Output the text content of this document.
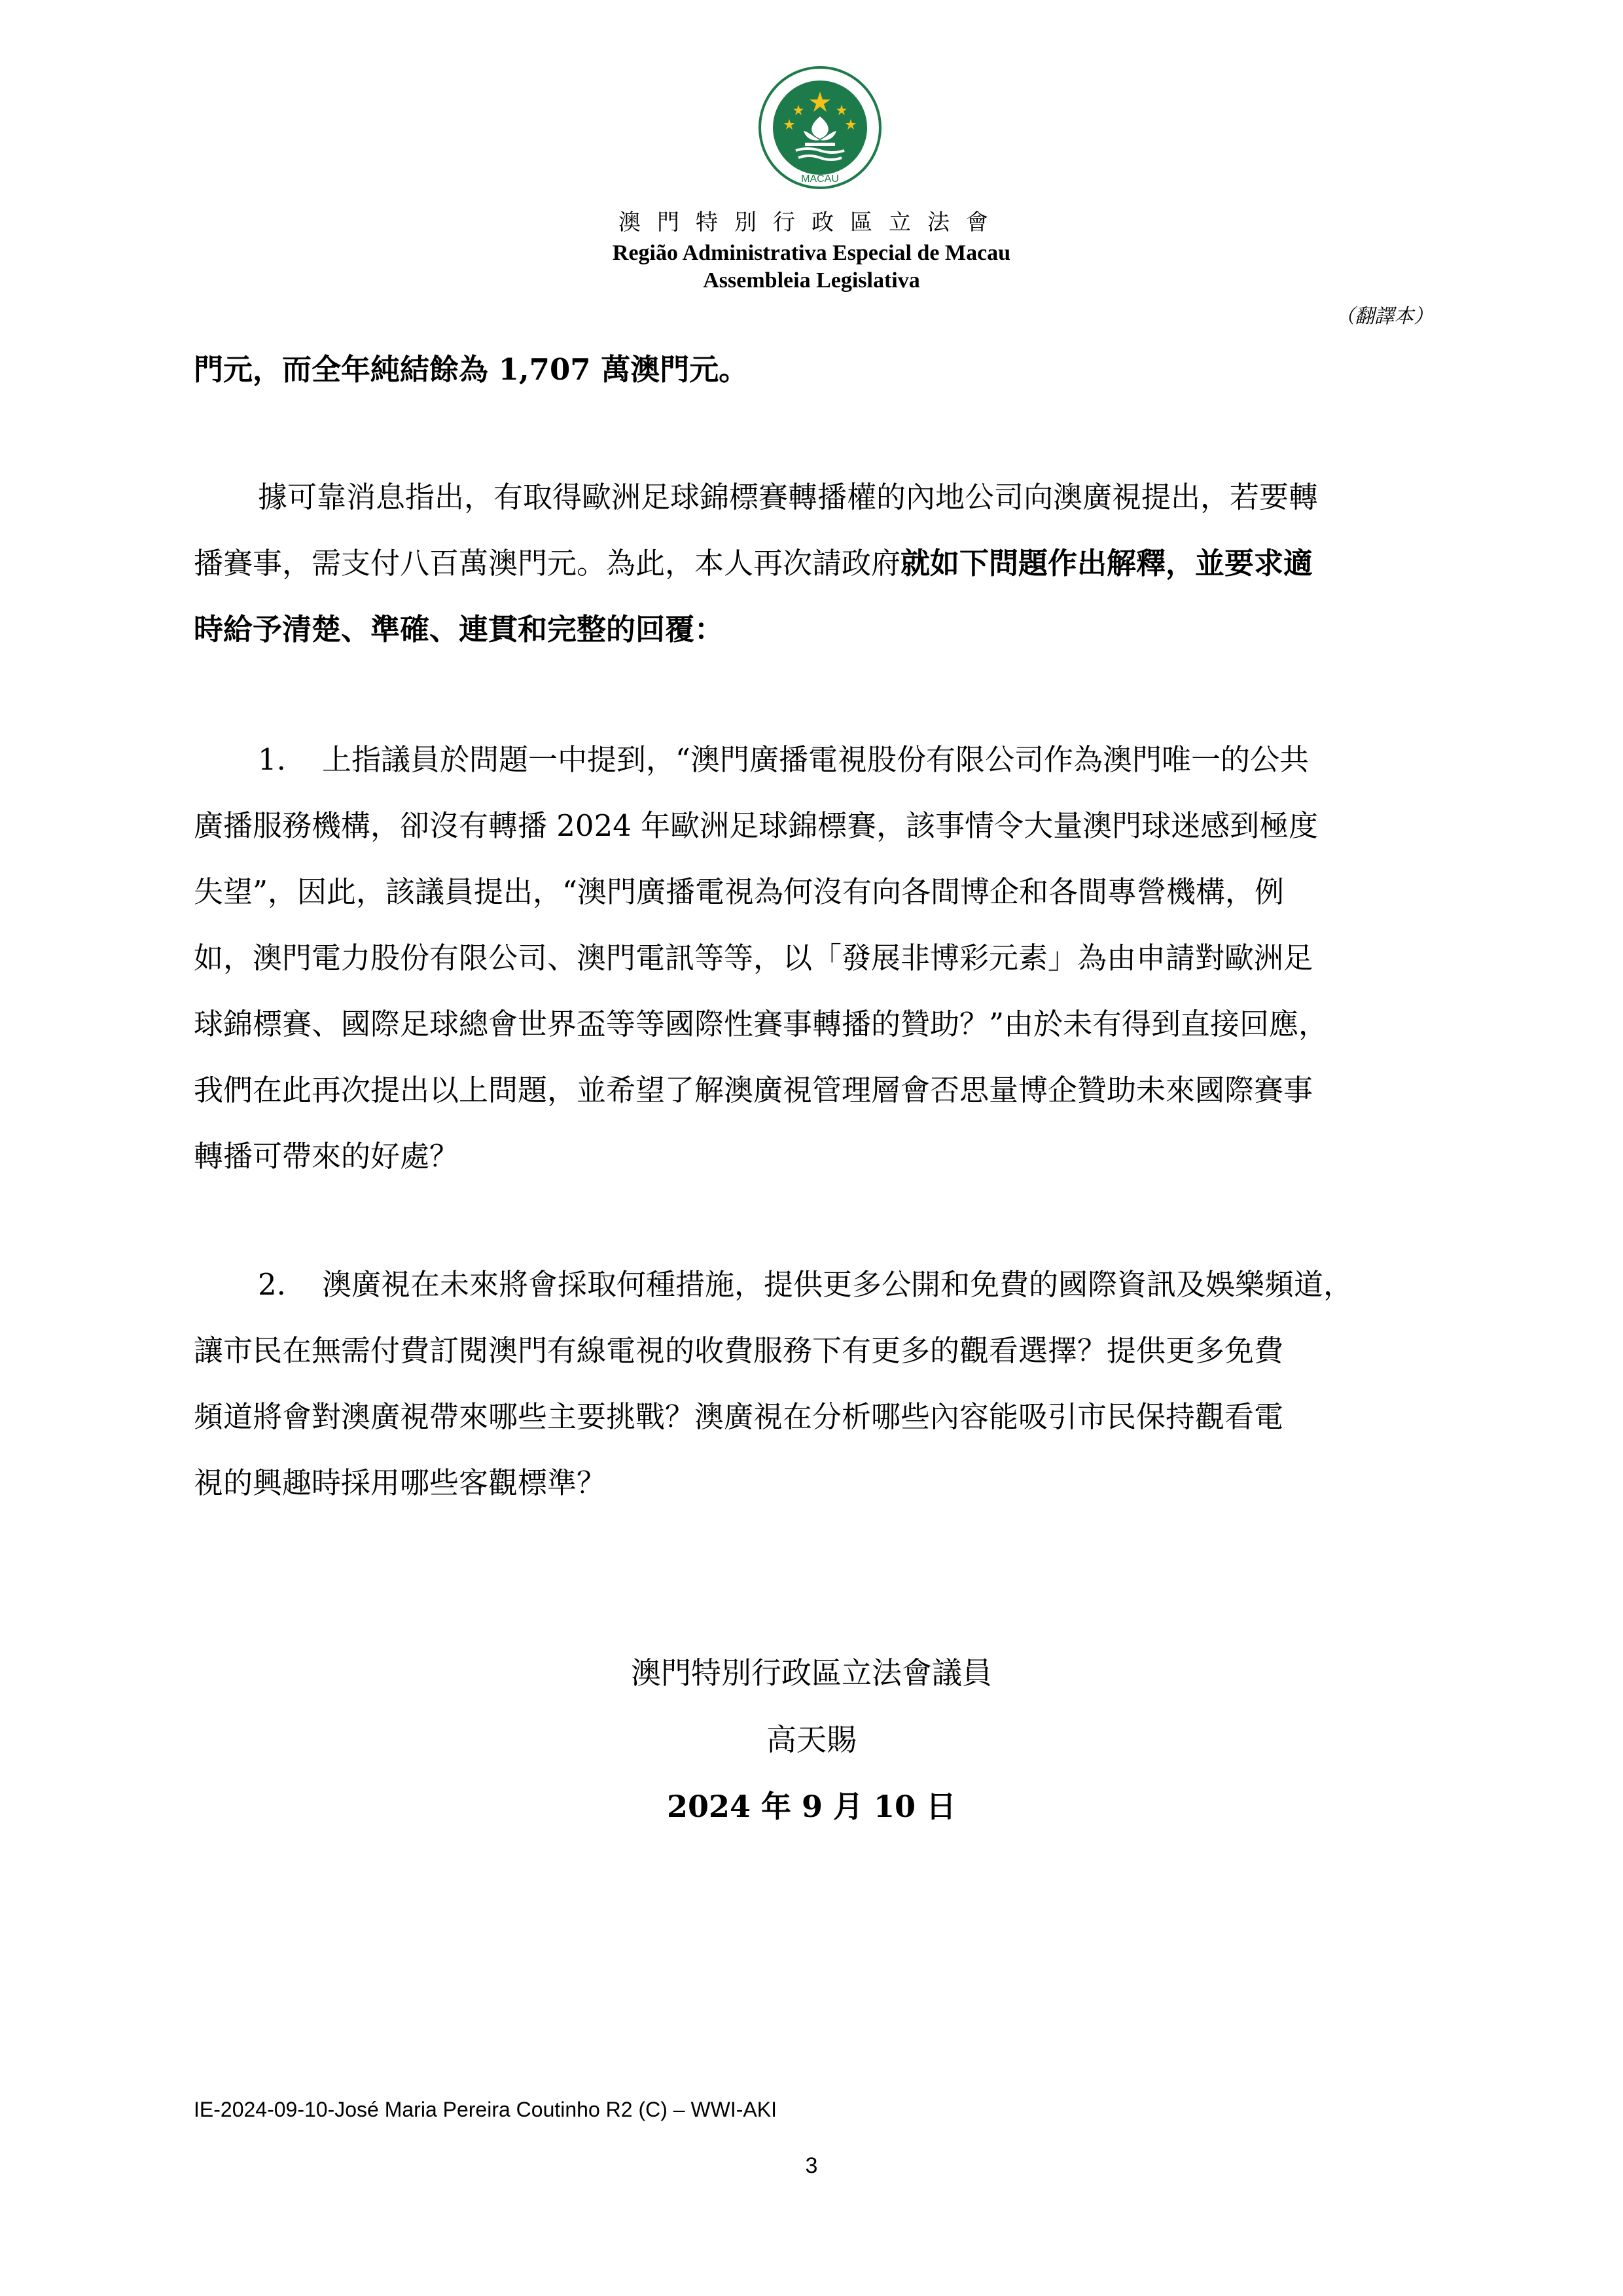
MACAU
澳門特別行政區立法會
Região Administrativa Especial de Macau
Assembleia Legislativa
（翻譯本）
門元，而全年純結餘為 1,707 萬澳門元。
據可靠消息指出，有取得歐洲足球錦標賽轉播權的內地公司向澳廣視提出，若要轉
播賽事，需支付八百萬澳門元。為此，本人再次請政府就如下問題作出解釋，並要求適
時給予清楚、準確、連貫和完整的回覆：
1. 上指議員於問題一中提到，“澳門廣播電視股份有限公司作為澳門唯一的公共
廣播服務機構，卻沒有轉播 2024 年歐洲足球錦標賽，該事情令大量澳門球迷感到極度
失望”，因此，該議員提出，“澳門廣播電視為何沒有向各間博企和各間專營機構，例
如，澳門電力股份有限公司、澳門電訊等等，以「發展非博彩元素」為由申請對歐洲足
球錦標賽、國際足球總會世界盃等等國際性賽事轉播的贊助？”由於未有得到直接回應，
我們在此再次提出以上問題，並希望了解澳廣視管理層會否思量博企贊助未來國際賽事
轉播可帶來的好處？
2. 澳廣視在未來將會採取何種措施，提供更多公開和免費的國際資訊及娛樂頻道，
讓市民在無需付費訂閱澳門有線電視的收費服務下有更多的觀看選擇？提供更多免費
頻道將會對澳廣視帶來哪些主要挑戰？澳廣視在分析哪些內容能吸引市民保持觀看電
視的興趣時採用哪些客觀標準？
澳門特別行政區立法會議員
高天賜
2024 年 9 月 10 日
IE-2024-09-10-José Maria Pereira Coutinho R2 (C) – WWI-AKI
3
